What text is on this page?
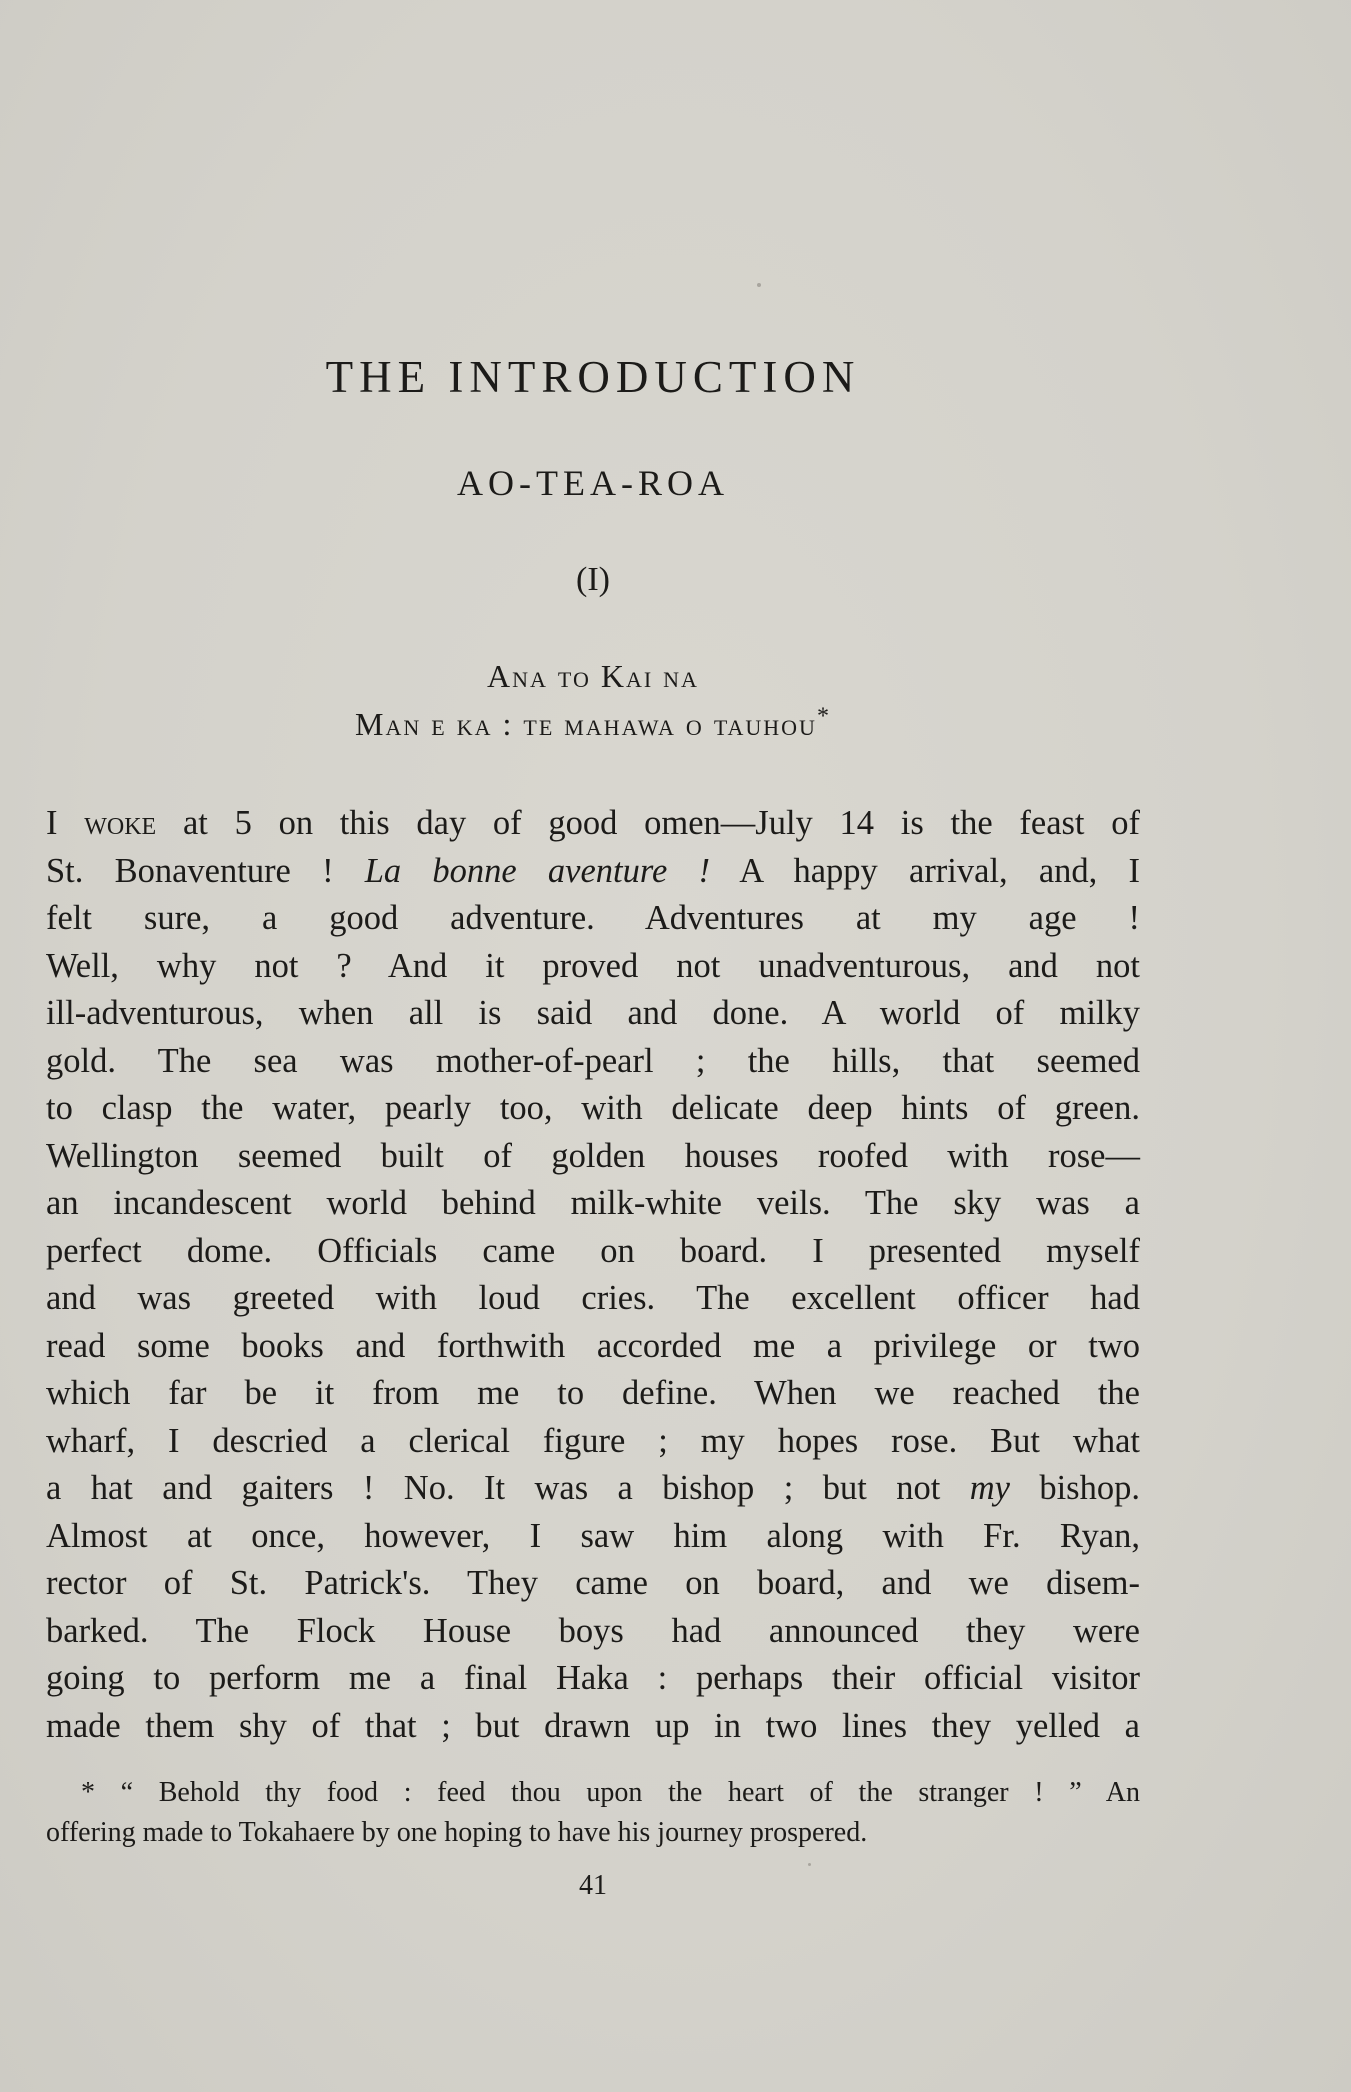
THE INTRODUCTION
AO-TEA-ROA
(I)
Ana to Kai na
Man e ka : te mahawa o tauhou*
I woke at 5 on this day of good omen—July 14 is the feast of
St. Bonaventure ! La bonne aventure ! A happy arrival, and, I
felt sure, a good adventure. Adventures at my age !
Well, why not ? And it proved not unadventurous, and not
ill-adventurous, when all is said and done. A world of milky
gold. The sea was mother-of-pearl ; the hills, that seemed
to clasp the water, pearly too, with delicate deep hints of green.
Wellington seemed built of golden houses roofed with rose—
an incandescent world behind milk-white veils. The sky was a
perfect dome. Officials came on board. I presented myself
and was greeted with loud cries. The excellent officer had
read some books and forthwith accorded me a privilege or two
which far be it from me to define. When we reached the
wharf, I descried a clerical figure ; my hopes rose. But what
a hat and gaiters ! No. It was a bishop ; but not my bishop.
Almost at once, however, I saw him along with Fr. Ryan,
rector of St. Patrick's. They came on board, and we disem-
barked. The Flock House boys had announced they were
going to perform me a final Haka : perhaps their official visitor
made them shy of that ; but drawn up in two lines they yelled a
* “ Behold thy food : feed thou upon the heart of the stranger ! ” An
offering made to Tokahaere by one hoping to have his journey prospered.
41
